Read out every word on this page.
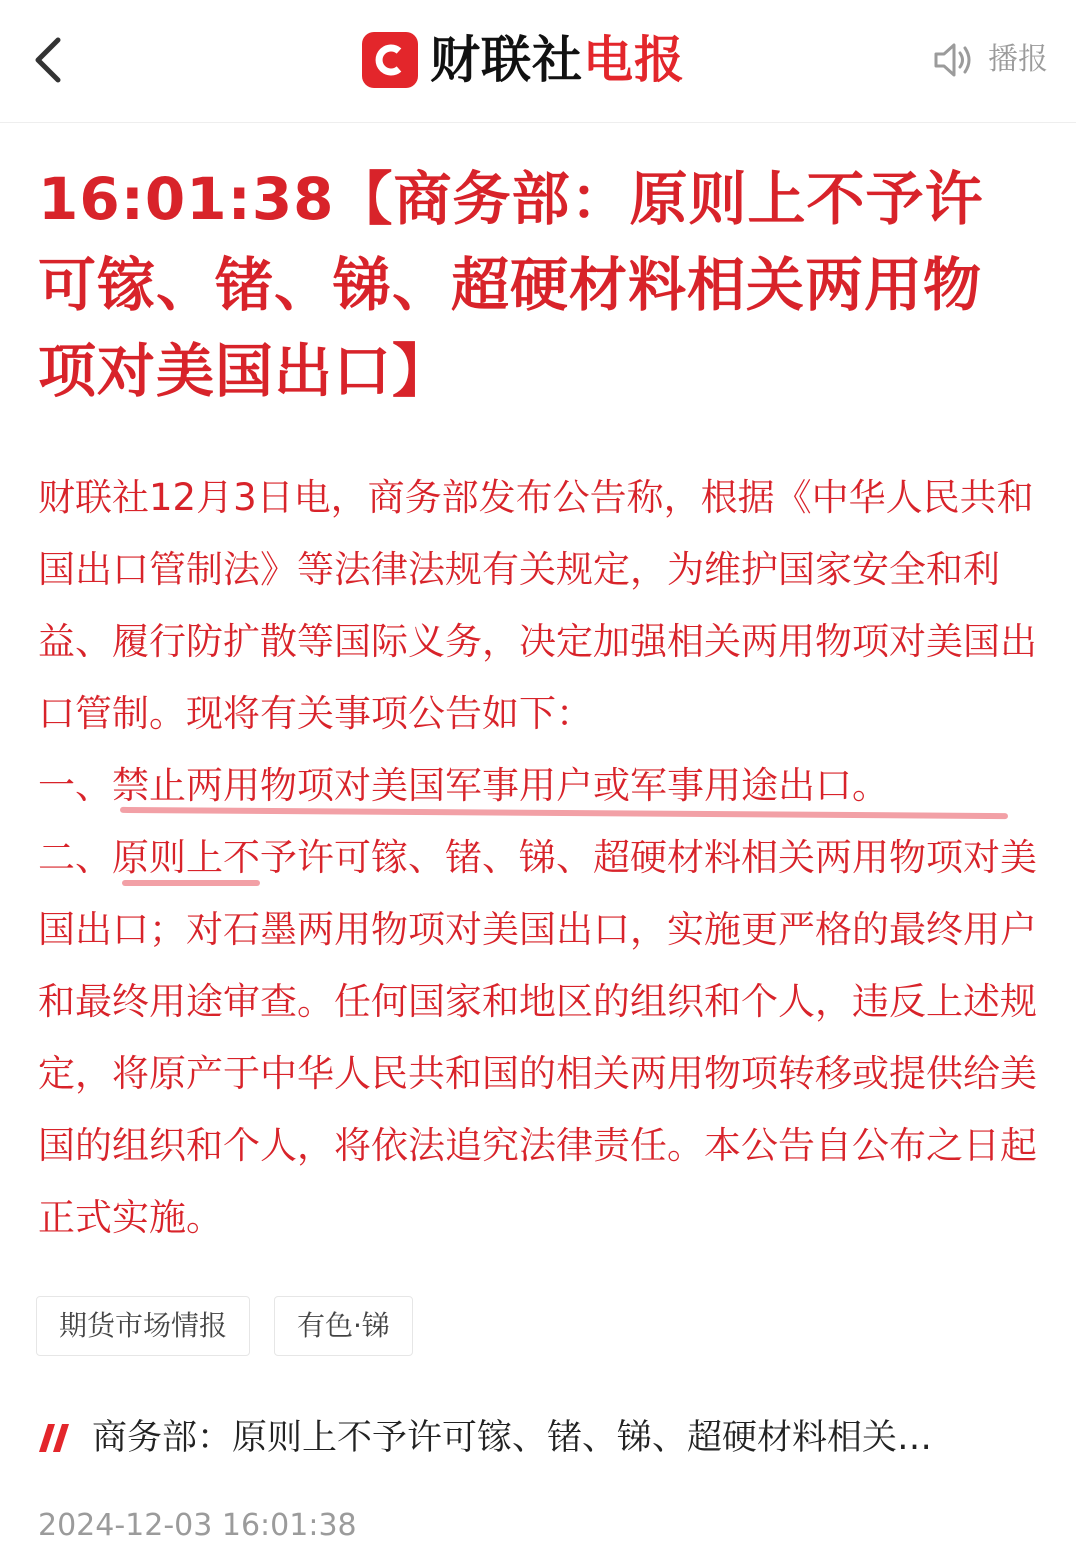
财联社电报	播报
16:01:38【商务部：原则上不予许可镓、锗、锑、超硬材料相关两用物项对美国出口】

财联社12月3日电，商务部发布公告称，根据《中华人民共和国出口管制法》等法律法规有关规定，为维护国家安全和利益、履行防扩散等国际义务，决定加强相关两用物项对美国出口管制。现将有关事项公告如下：

一、禁止两用物项对美国军事用户或军事用途出口。

二、原则上不予许可镓、锗、锑、超硬材料相关两用物项对美国出口；对石墨两用物项对美国出口，实施更严格的最终用户和最终用途审查。任何国家和地区的组织和个人，违反上述规定，将原产于中华人民共和国的相关两用物项转移或提供给美国的组织和个人，将依法追究法律责任。本公告自公布之日起正式实施。

期货市场情报	有色·锑
商务部：原则上不予许可镓、锗、锑、超硬材料相关…
2024-12-03 16:01:38
